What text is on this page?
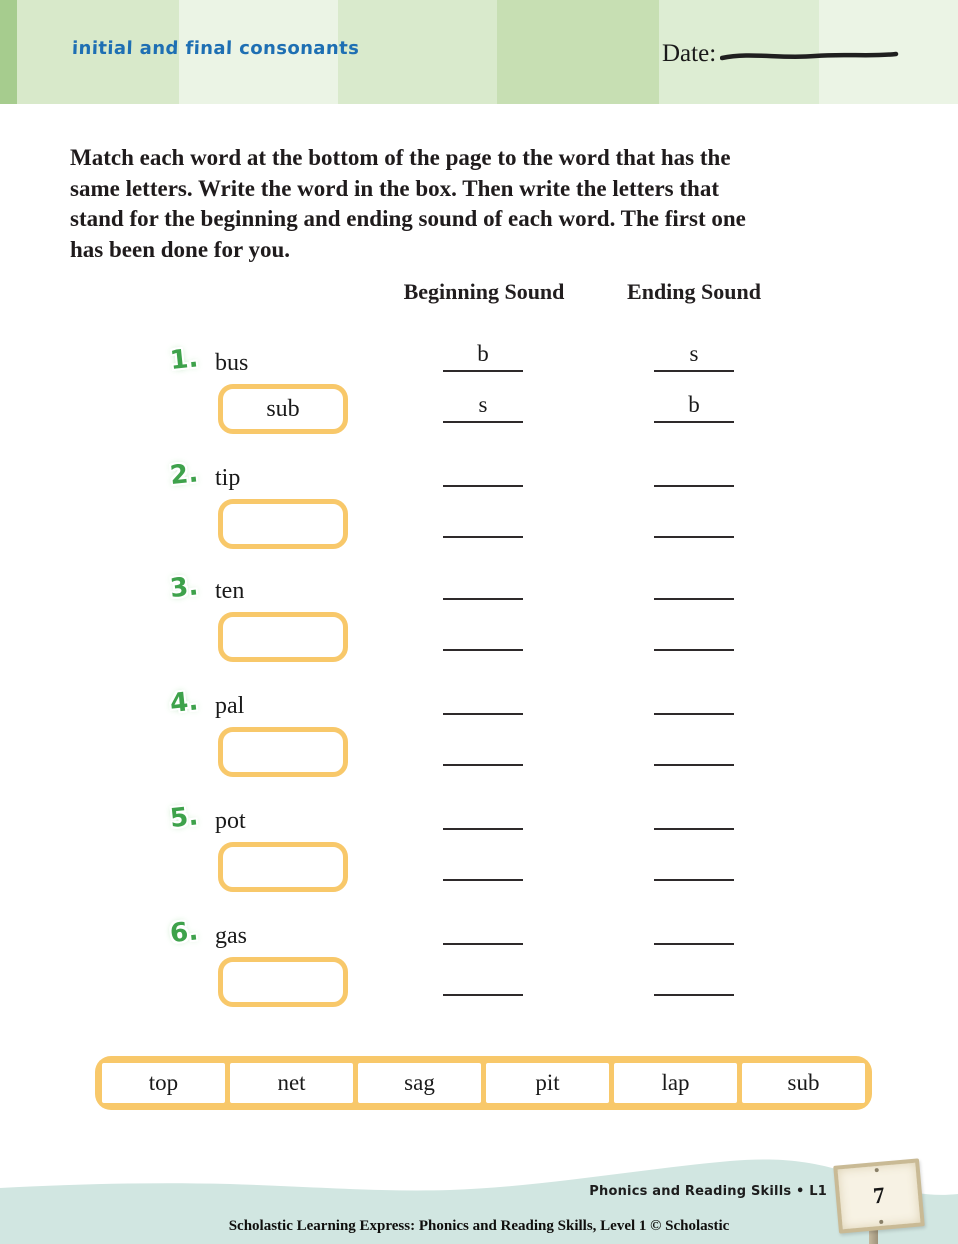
initial and final consonants	Date:
Match each word at the bottom of the page to the word that has the
same letters. Write the word in the box. Then write the letters that
stand for the beginning and ending sound of each word. The first one
has been done for you.
Beginning Sound	Ending Sound
1. bus
sub
b	s
s	b
2. tip
3. ten
4. pal
5. pot
6. gas
top	net	sag	pit	lap	sub
Phonics and Reading Skills • L1 7
Scholastic Learning Express: Phonics and Reading Skills, Level 1 © Scholastic
